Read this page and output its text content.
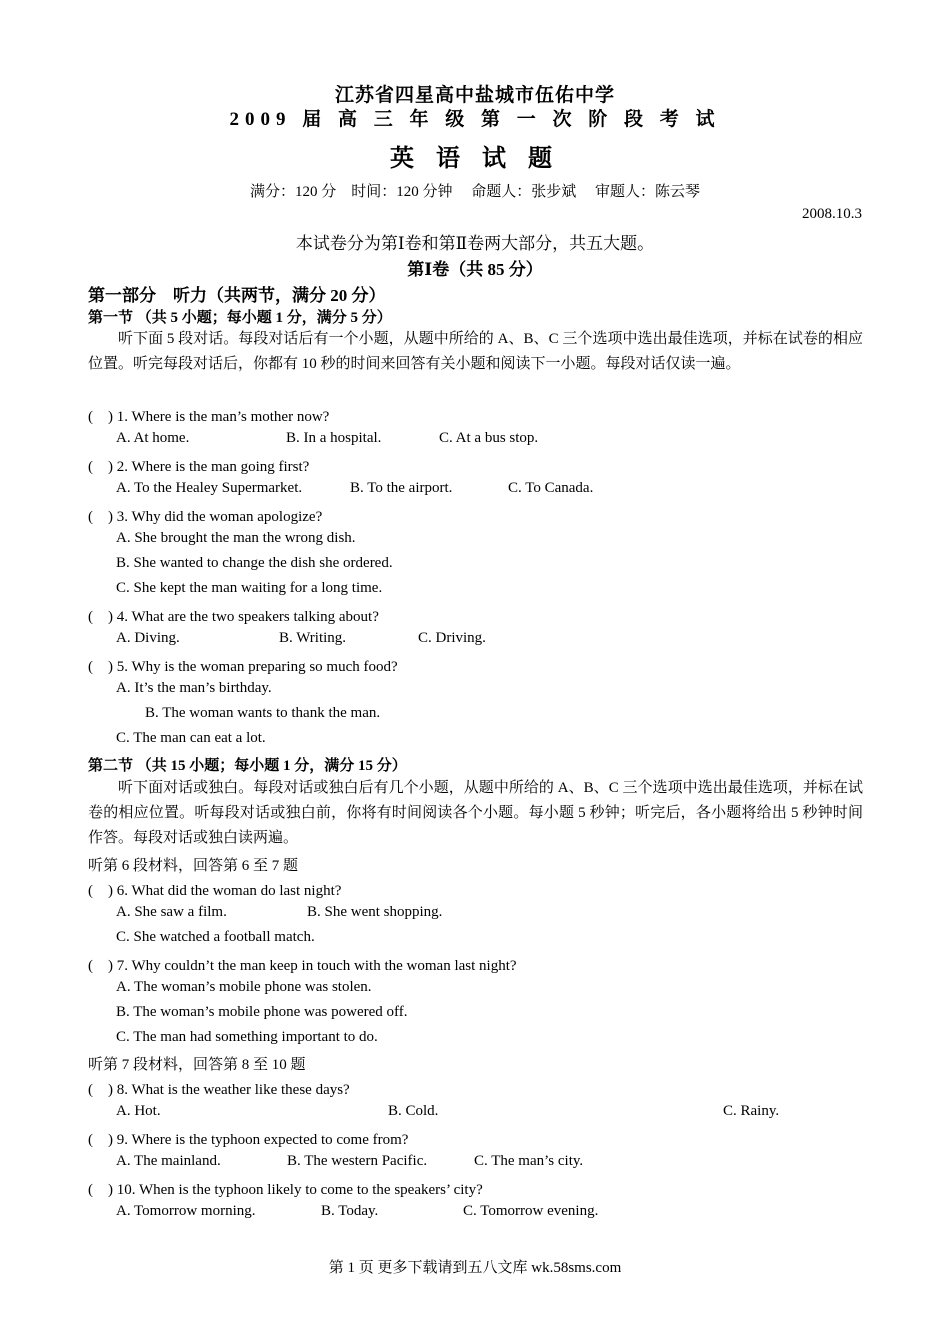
江苏省四星高中盐城市伍佑中学
2009 届 高 三 年 级 第 一 次 阶 段 考 试
英 语 试 题
满分：120 分　时间：120 分钟　 命题人：张步斌　 审题人：陈云琴
2008.10.3
本试卷分为第Ⅰ卷和第Ⅱ卷两大部分，共五大题。
第Ⅰ卷（共 85 分）
第一部分　听力（共两节，满分 20 分）
第一节 （共 5 小题；每小题 1 分，满分 5 分）
听下面 5 段对话。每段对话后有一个小题，从题中所给的 A、B、C 三个选项中选出最佳选项，并标在试卷的相应位置。听完每段对话后，你都有 10 秒的时间来回答有关小题和阅读下一小题。每段对话仅读一遍。
(　) 1. Where is the man’s mother now?
A. At home.	B. In a hospital.	C. At a bus stop.
(　) 2. Where is the man going first?
A. To the Healey Supermarket.	B. To the airport.	C. To Canada.
(　) 3. Why did the woman apologize?
A. She brought the man the wrong dish.
B. She wanted to change the dish she ordered.
C. She kept the man waiting for a long time.
(　) 4. What are the two speakers talking about?
A. Diving.	B. Writing.	C. Driving.
(　) 5. Why is the woman preparing so much food?
A. It’s the man’s birthday.
B. The woman wants to thank the man.
C. The man can eat a lot.
第二节 （共 15 小题；每小题 1 分，满分 15 分）
听下面对话或独白。每段对话或独白后有几个小题，从题中所给的 A、B、C 三个选项中选出最佳选项，并标在试卷的相应位置。听每段对话或独白前，你将有时间阅读各个小题。每小题 5 秒钟；听完后，各小题将给出 5 秒钟时间作答。每段对话或独白读两遍。
听第 6 段材料，回答第 6 至 7 题
(　) 6. What did the woman do last night?
A. She saw a film.	B. She went shopping.
C. She watched a football match.
(　) 7. Why couldn’t the man keep in touch with the woman last night?
A. The woman’s mobile phone was stolen.
B. The woman’s mobile phone was powered off.
C. The man had something important to do.
听第 7 段材料，回答第 8 至 10 题
(　) 8. What is the weather like these days?
A. Hot.	B. Cold.	C. Rainy.
(　) 9. Where is the typhoon expected to come from?
A. The mainland.	B. The western Pacific.	C. The man’s city.
(　) 10. When is the typhoon likely to come to the speakers’ city?
A. Tomorrow morning.	B. Today.	C. Tomorrow evening.
第 1 页 更多下载请到五八文库 wk.58sms.com
